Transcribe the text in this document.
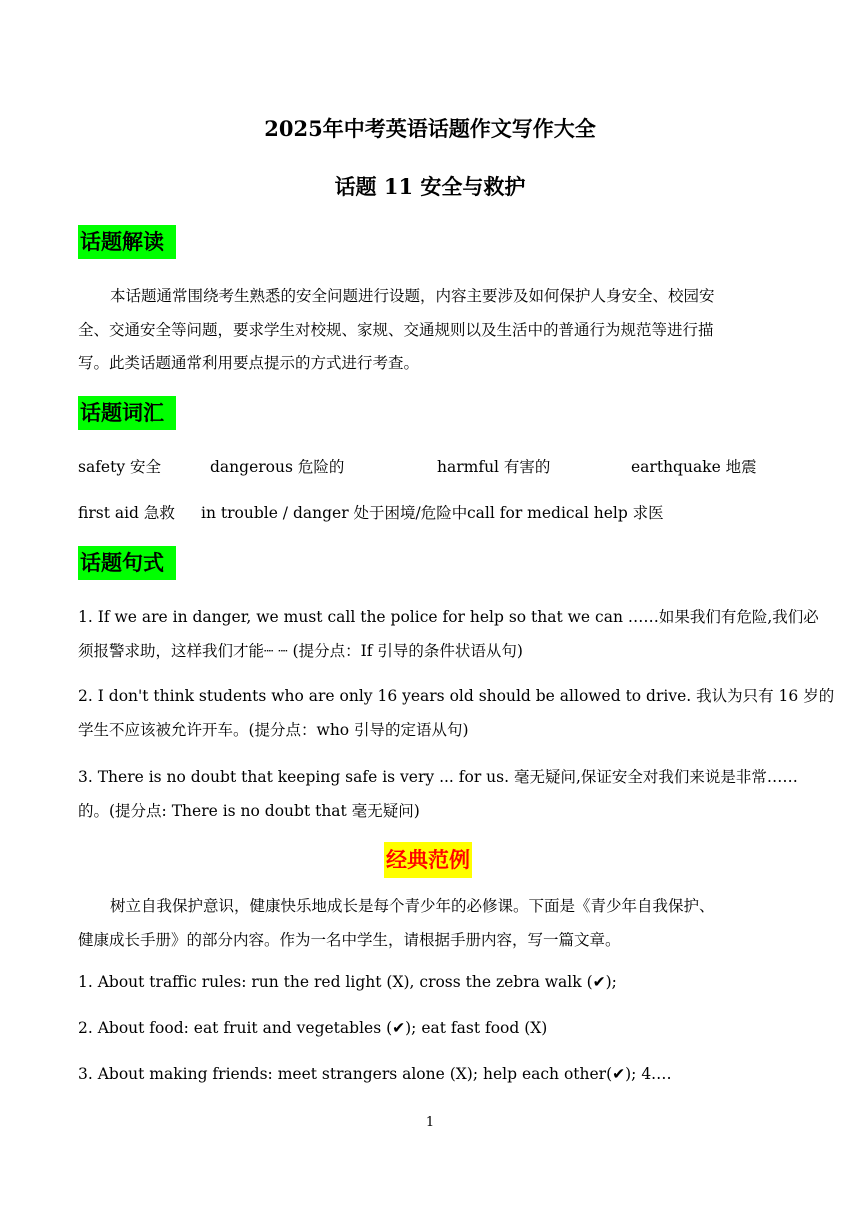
2025年中考英语话题作文写作大全
话题 11 安全与救护
话题解读
本话题通常围绕考生熟悉的安全问题进行设题，内容主要涉及如何保护人身安全、校园安
全、交通安全等问题，要求学生对校规、家规、交通规则以及生活中的普通行为规范等进行描
写。此类话题通常利用要点提示的方式进行考查。
话题词汇
safety 安全	dangerous 危险的	harmful 有害的	earthquake 地震
first aid 急救 in trouble / danger 处于困境/危险中 call for medical help 求医
话题句式
1. If we are in danger, we must call the police for help so that we can ……如果我们有危险,我们必
须报警求助，这样我们才能┈ ┈ (提分点：If 引导的条件状语从句)
2. I don't think students who are only 16 years old should be allowed to drive. 我认为只有 16 岁的
学生不应该被允许开车。(提分点：who 引导的定语从句)
3. There is no doubt that keeping safe is very ... for us. 毫无疑问,保证安全对我们来说是非常……
的。(提分点: There is no doubt that 毫无疑问)
经典范例
树立自我保护意识，健康快乐地成长是每个青少年的必修课。下面是《青少年自我保护、
健康成长手册》的部分内容。作为一名中学生，请根据手册内容，写一篇文章。
1. About traffic rules: run the red light (X), cross the zebra walk (✔);
2. About food: eat fruit and vegetables (✔); eat fast food (X)
3. About making friends: meet strangers alone (X); help each other(✔); 4.…
1
